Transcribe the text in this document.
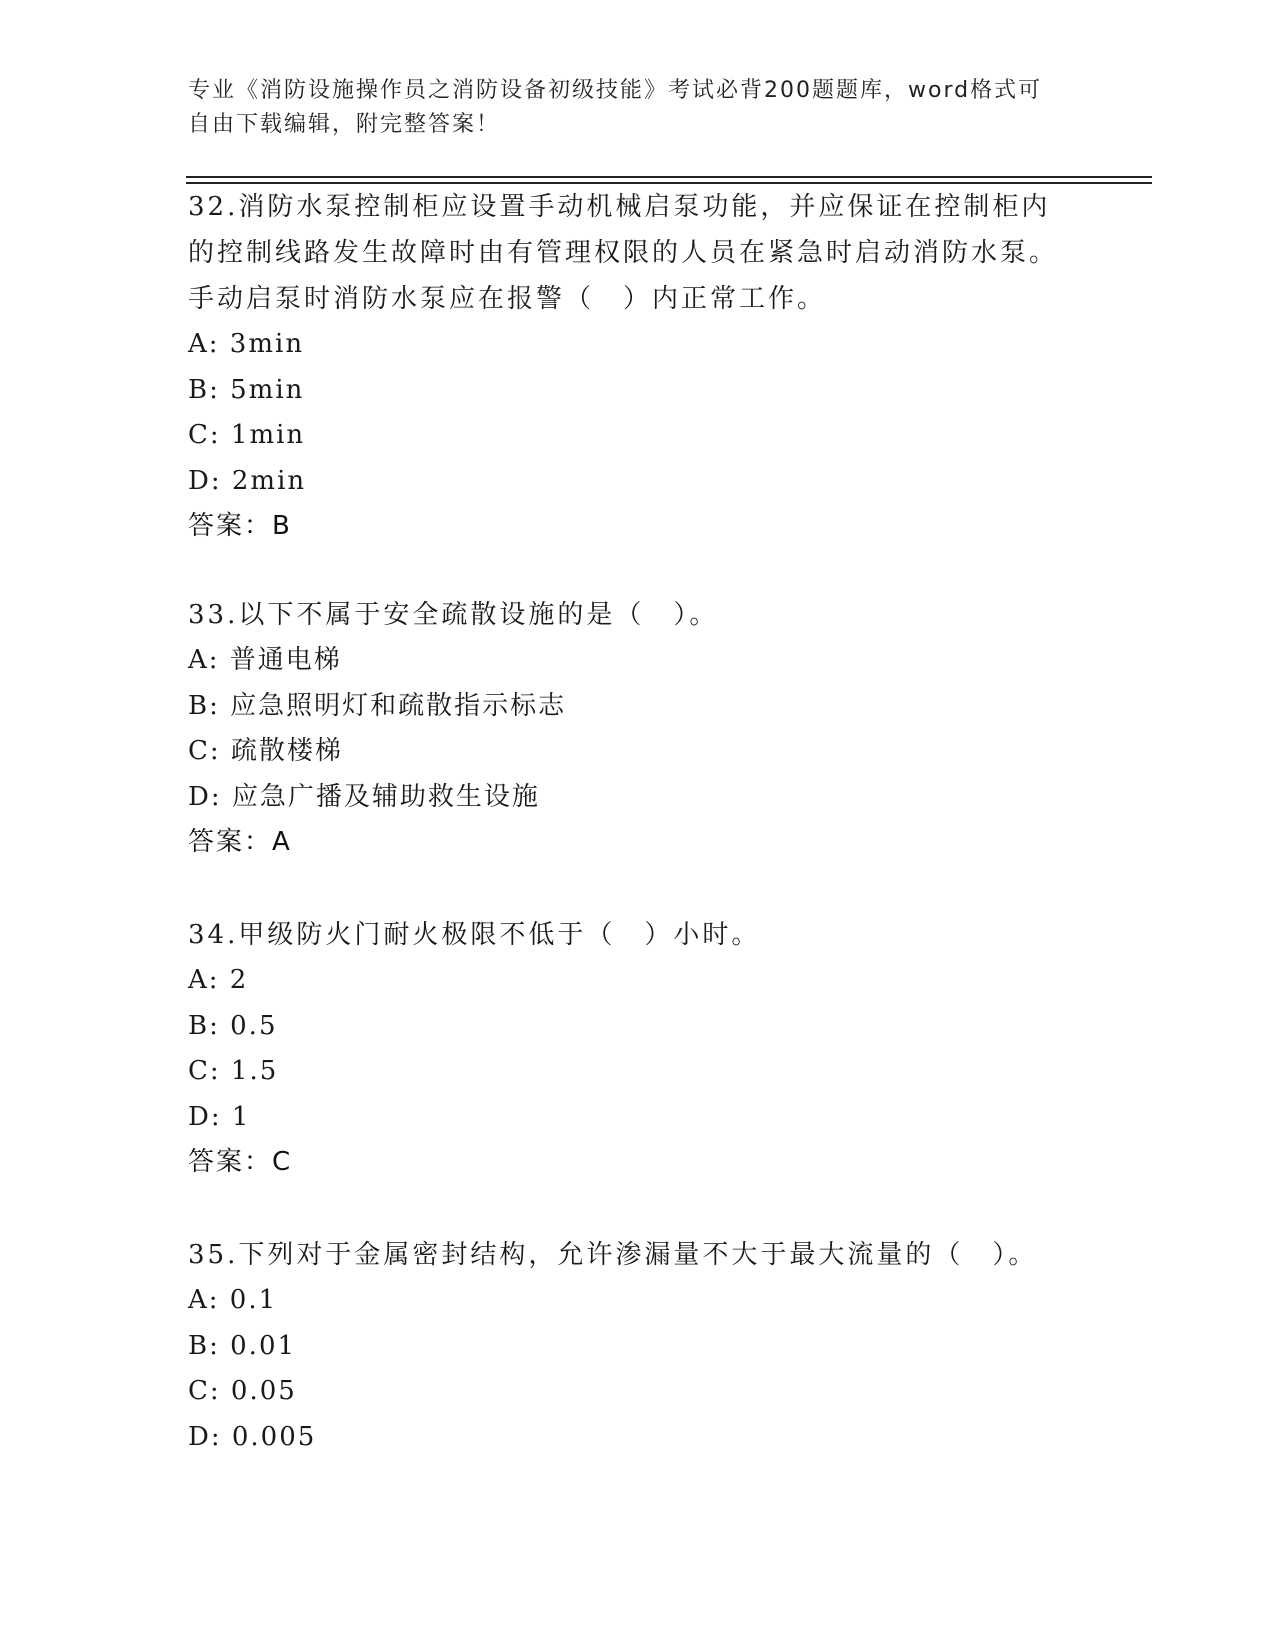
专业《消防设施操作员之消防设备初级技能》考试必背200题题库，word格式可
自由下载编辑，附完整答案！

32.消防水泵控制柜应设置手动机械启泵功能，并应保证在控制柜内的控制线路发生故障时由有管理权限的人员在紧急时启动消防水泵。手动启泵时消防水泵应在报警（　）内正常工作。

A: 3min

B: 5min

C: 1min

D: 2min

答案：B

33.以下不属于安全疏散设施的是（　）。

A: 普通电梯

B: 应急照明灯和疏散指示标志

C: 疏散楼梯

D: 应急广播及辅助救生设施

答案：A

34.甲级防火门耐火极限不低于（　）小时。

A: 2

B: 0.5

C: 1.5

D: 1

答案：C

35.下列对于金属密封结构，允许渗漏量不大于最大流量的（　）。

A: 0.1

B: 0.01

C: 0.05

D: 0.005
